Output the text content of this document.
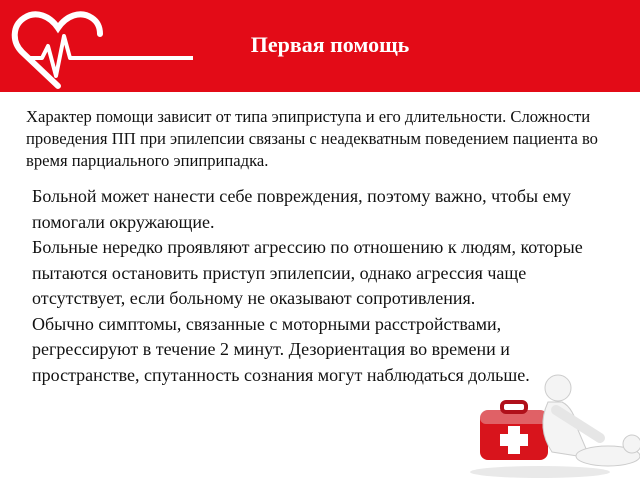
Первая помощь
Характер помощи зависит от типа эпиприступа и его длительности. Сложности проведения ПП при эпилепсии связаны с неадекватным поведением пациента во время парциального эпиприпадка.

Больной может нанести себе повреждения, поэтому важно, чтобы ему помогали окружающие.

Больные нередко проявляют агрессию по отношению к людям, которые пытаются остановить приступ эпилепсии, однако агрессия чаще отсутствует, если больному не оказывают сопротивления.

Обычно симптомы, связанные с моторными расстройствами, регрессируют в течение 2 минут. Дезориентация во времени и пространстве, спутанность сознания могут наблюдаться дольше.
